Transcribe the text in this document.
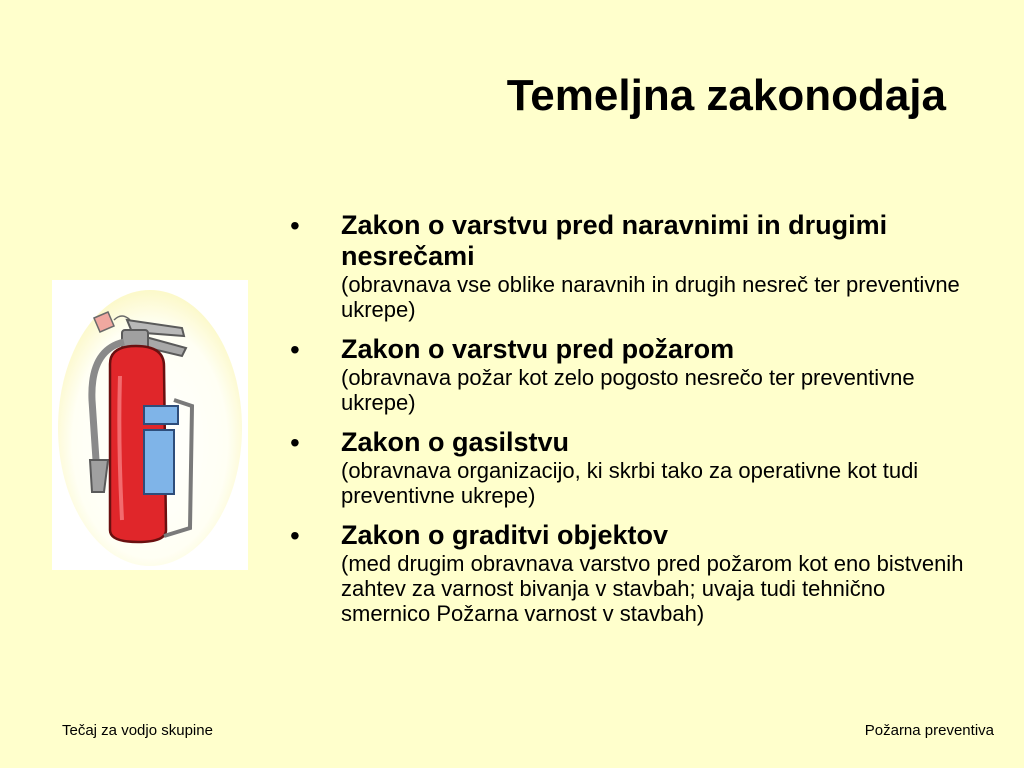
Temeljna zakonodaja
• Zakon o varstvu pred naravnimi in drugimi nesrečami
(obravnava vse oblike naravnih in drugih nesreč ter preventivne ukrepe)
• Zakon o varstvu pred požarom
(obravnava požar kot zelo pogosto nesrečo ter preventivne ukrepe)
• Zakon o gasilstvu
(obravnava organizacijo, ki skrbi tako za operativne kot tudi preventivne ukrepe)
• Zakon o graditvi objektov
(med drugim obravnava varstvo pred požarom kot eno bistvenih zahtev za varnost bivanja v stavbah; uvaja tudi tehnično smernico Požarna varnost v stavbah)
Tečaj za vodjo skupine	Požarna preventiva
